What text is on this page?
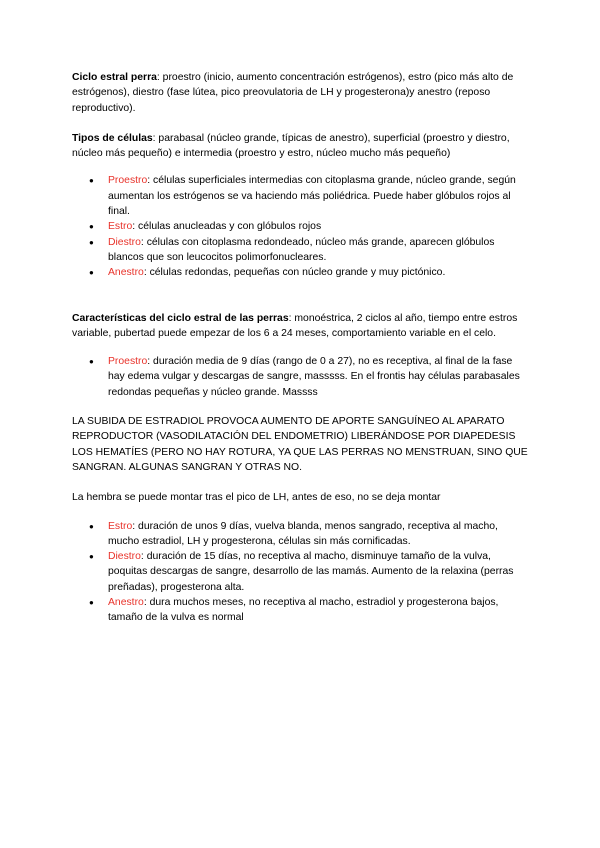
Ciclo estral perra: proestro (inicio, aumento concentración estrógenos), estro (pico más alto de estrógenos), diestro (fase lútea, pico preovulatoria de LH y progesterona)y anestro (reposo reproductivo).

Tipos de células: parabasal (núcleo grande, típicas de anestro), superficial (proestro y diestro, núcleo más pequeño) e intermedia (proestro y estro, núcleo mucho más pequeño)

● Proestro: células superficiales intermedias con citoplasma grande, núcleo grande, según aumentan los estrógenos se va haciendo más poliédrica. Puede haber glóbulos rojos al final.
● Estro: células anucleadas y con glóbulos rojos
● Diestro: células con citoplasma redondeado, núcleo más grande, aparecen glóbulos blancos que son leucocitos polimorfonucleares.
● Anestro: células redondas, pequeñas con núcleo grande y muy pictónico.

Características del ciclo estral de las perras: monoéstrica, 2 ciclos al año, tiempo entre estros variable, pubertad puede empezar de los 6 a 24 meses, comportamiento variable en el celo.

● Proestro: duración media de 9 días (rango de 0 a 27), no es receptiva, al final de la fase hay edema vulgar y descargas de sangre, masssss. En el frontis hay células parabasales redondas pequeñas y núcleo grande. Massss

LA SUBIDA DE ESTRADIOL PROVOCA AUMENTO DE APORTE SANGUÍNEO AL APARATO REPRODUCTOR (VASODILATACIÓN DEL ENDOMETRIO) LIBERÁNDOSE POR DIAPEDESIS LOS HEMATÍES (PERO NO HAY ROTURA, YA QUE LAS PERRAS NO MENSTRUAN, SINO QUE SANGRAN. ALGUNAS SANGRAN Y OTRAS NO.

La hembra se puede montar tras el pico de LH, antes de eso, no se deja montar

● Estro: duración de unos 9 días, vuelva blanda, menos sangrado, receptiva al macho, mucho estradiol, LH y progesterona, células sin más cornificadas.
● Diestro: duración de 15 días, no receptiva al macho, disminuye tamaño de la vulva, poquitas descargas de sangre, desarrollo de las mamás. Aumento de la relaxina (perras preñadas), progesterona alta.
● Anestro: dura muchos meses, no receptiva al macho, estradiol y progesterona bajos, tamaño de la vulva es normal
